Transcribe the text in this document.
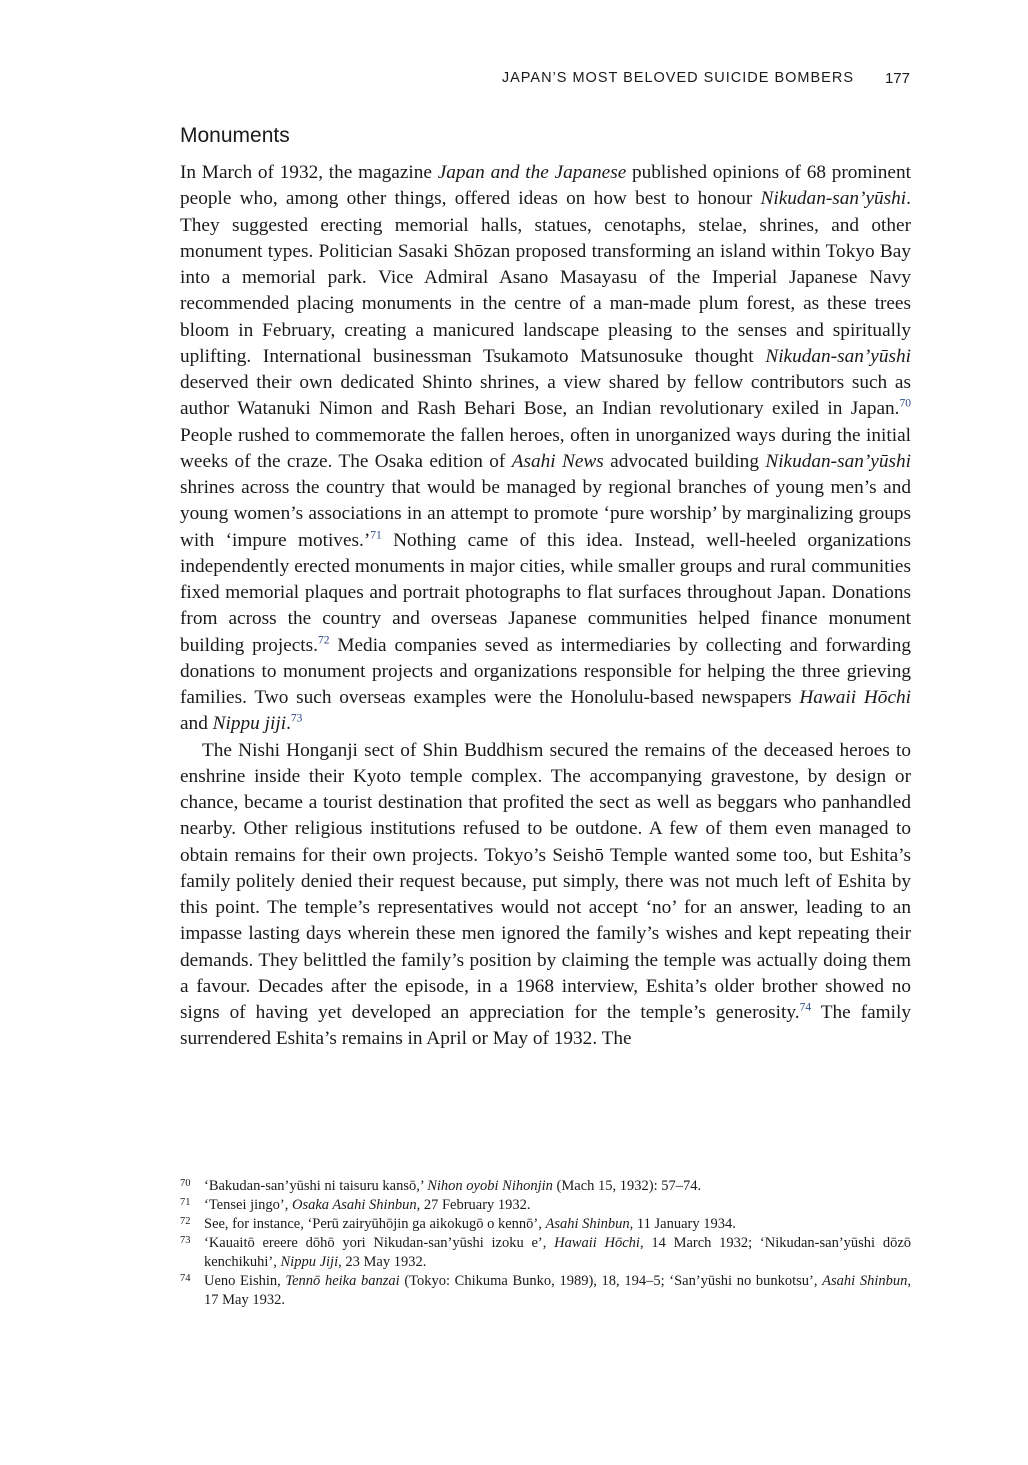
JAPAN’S MOST BELOVED SUICIDE BOMBERS 177
Monuments

In March of 1932, the magazine Japan and the Japanese published opinions of 68 prominent people who, among other things, offered ideas on how best to honour Nikudan-san’yūshi. They suggested erecting memorial halls, statues, cenotaphs, stelae, shrines, and other monument types. Politician Sasaki Shōzan proposed transforming an island within Tokyo Bay into a memorial park. Vice Admiral Asano Masayasu of the Imperial Japanese Navy recommended placing monuments in the centre of a man-made plum forest, as these trees bloom in February, creating a manicured landscape pleasing to the senses and spiritually uplifting. International businessman Tsukamoto Matsunosuke thought Nikudan-san’yūshi deserved their own dedicated Shinto shrines, a view shared by fellow contributors such as author Watanuki Nimon and Rash Behari Bose, an Indian revolutionary exiled in Japan.$^{70}$ People rushed to commemorate the fallen heroes, often in unorganized ways during the initial weeks of the craze. The Osaka edition of Asahi News advocated building Nikudan-san’yūshi shrines across the country that would be managed by regional branches of young men’s and young women’s associations in an attempt to promote ‘pure worship’ by marginalizing groups with ‘impure motives.’$^{71}$ Nothing came of this idea. Instead, well-heeled organizations independently erected monuments in major cities, while smaller groups and rural communities fixed memorial plaques and portrait photographs to flat surfaces throughout Japan. Donations from across the country and overseas Japanese communities helped finance monument building projects.$^{72}$ Media companies seved as intermediaries by collecting and forwarding donations to monument projects and organizations responsible for helping the three grieving families. Two such overseas examples were the Honolulu-based newspapers Hawaii Hōchi and Nippu jiji.$^{73}$

The Nishi Honganji sect of Shin Buddhism secured the remains of the deceased heroes to enshrine inside their Kyoto temple complex. The accompanying gravestone, by design or chance, became a tourist destination that profited the sect as well as beggars who panhandled nearby. Other religious institutions refused to be outdone. A few of them even managed to obtain remains for their own projects. Tokyo’s Seishō Temple wanted some too, but Eshita’s family politely denied their request because, put simply, there was not much left of Eshita by this point. The temple’s representatives would not accept ‘no’ for an answer, leading to an impasse lasting days wherein these men ignored the family’s wishes and kept repeating their demands. They belittled the family’s position by claiming the temple was actually doing them a favour. Decades after the episode, in a 1968 interview, Eshita’s older brother showed no signs of having yet developed an appreciation for the temple’s generosity.$^{74}$ The family surrendered Eshita’s remains in April or May of 1932. The

70 ‘Bakudan-san’yūshi ni taisuru kansō,’ Nihon oyobi Nihonjin (Mach 15, 1932): 57–74.

71 ‘Tensei jingo’, Osaka Asahi Shinbun, 27 February 1932.

72 See, for instance, ‘Perū zairyūhōjin ga aikokugō o kennō’, Asahi Shinbun, 11 January 1934.

73 ‘Kauaitō ereere dōhō yori Nikudan-san’yūshi izoku e’, Hawaii Hōchi, 14 March 1932; ‘Nikudan-san’yūshi dōzō kenchikuhi’, Nippu Jiji, 23 May 1932.

74 Ueno Eishin, Tennō heika banzai (Tokyo: Chikuma Bunko, 1989), 18, 194–5; ‘San’yūshi no bunkotsu’, Asahi Shinbun, 17 May 1932.
